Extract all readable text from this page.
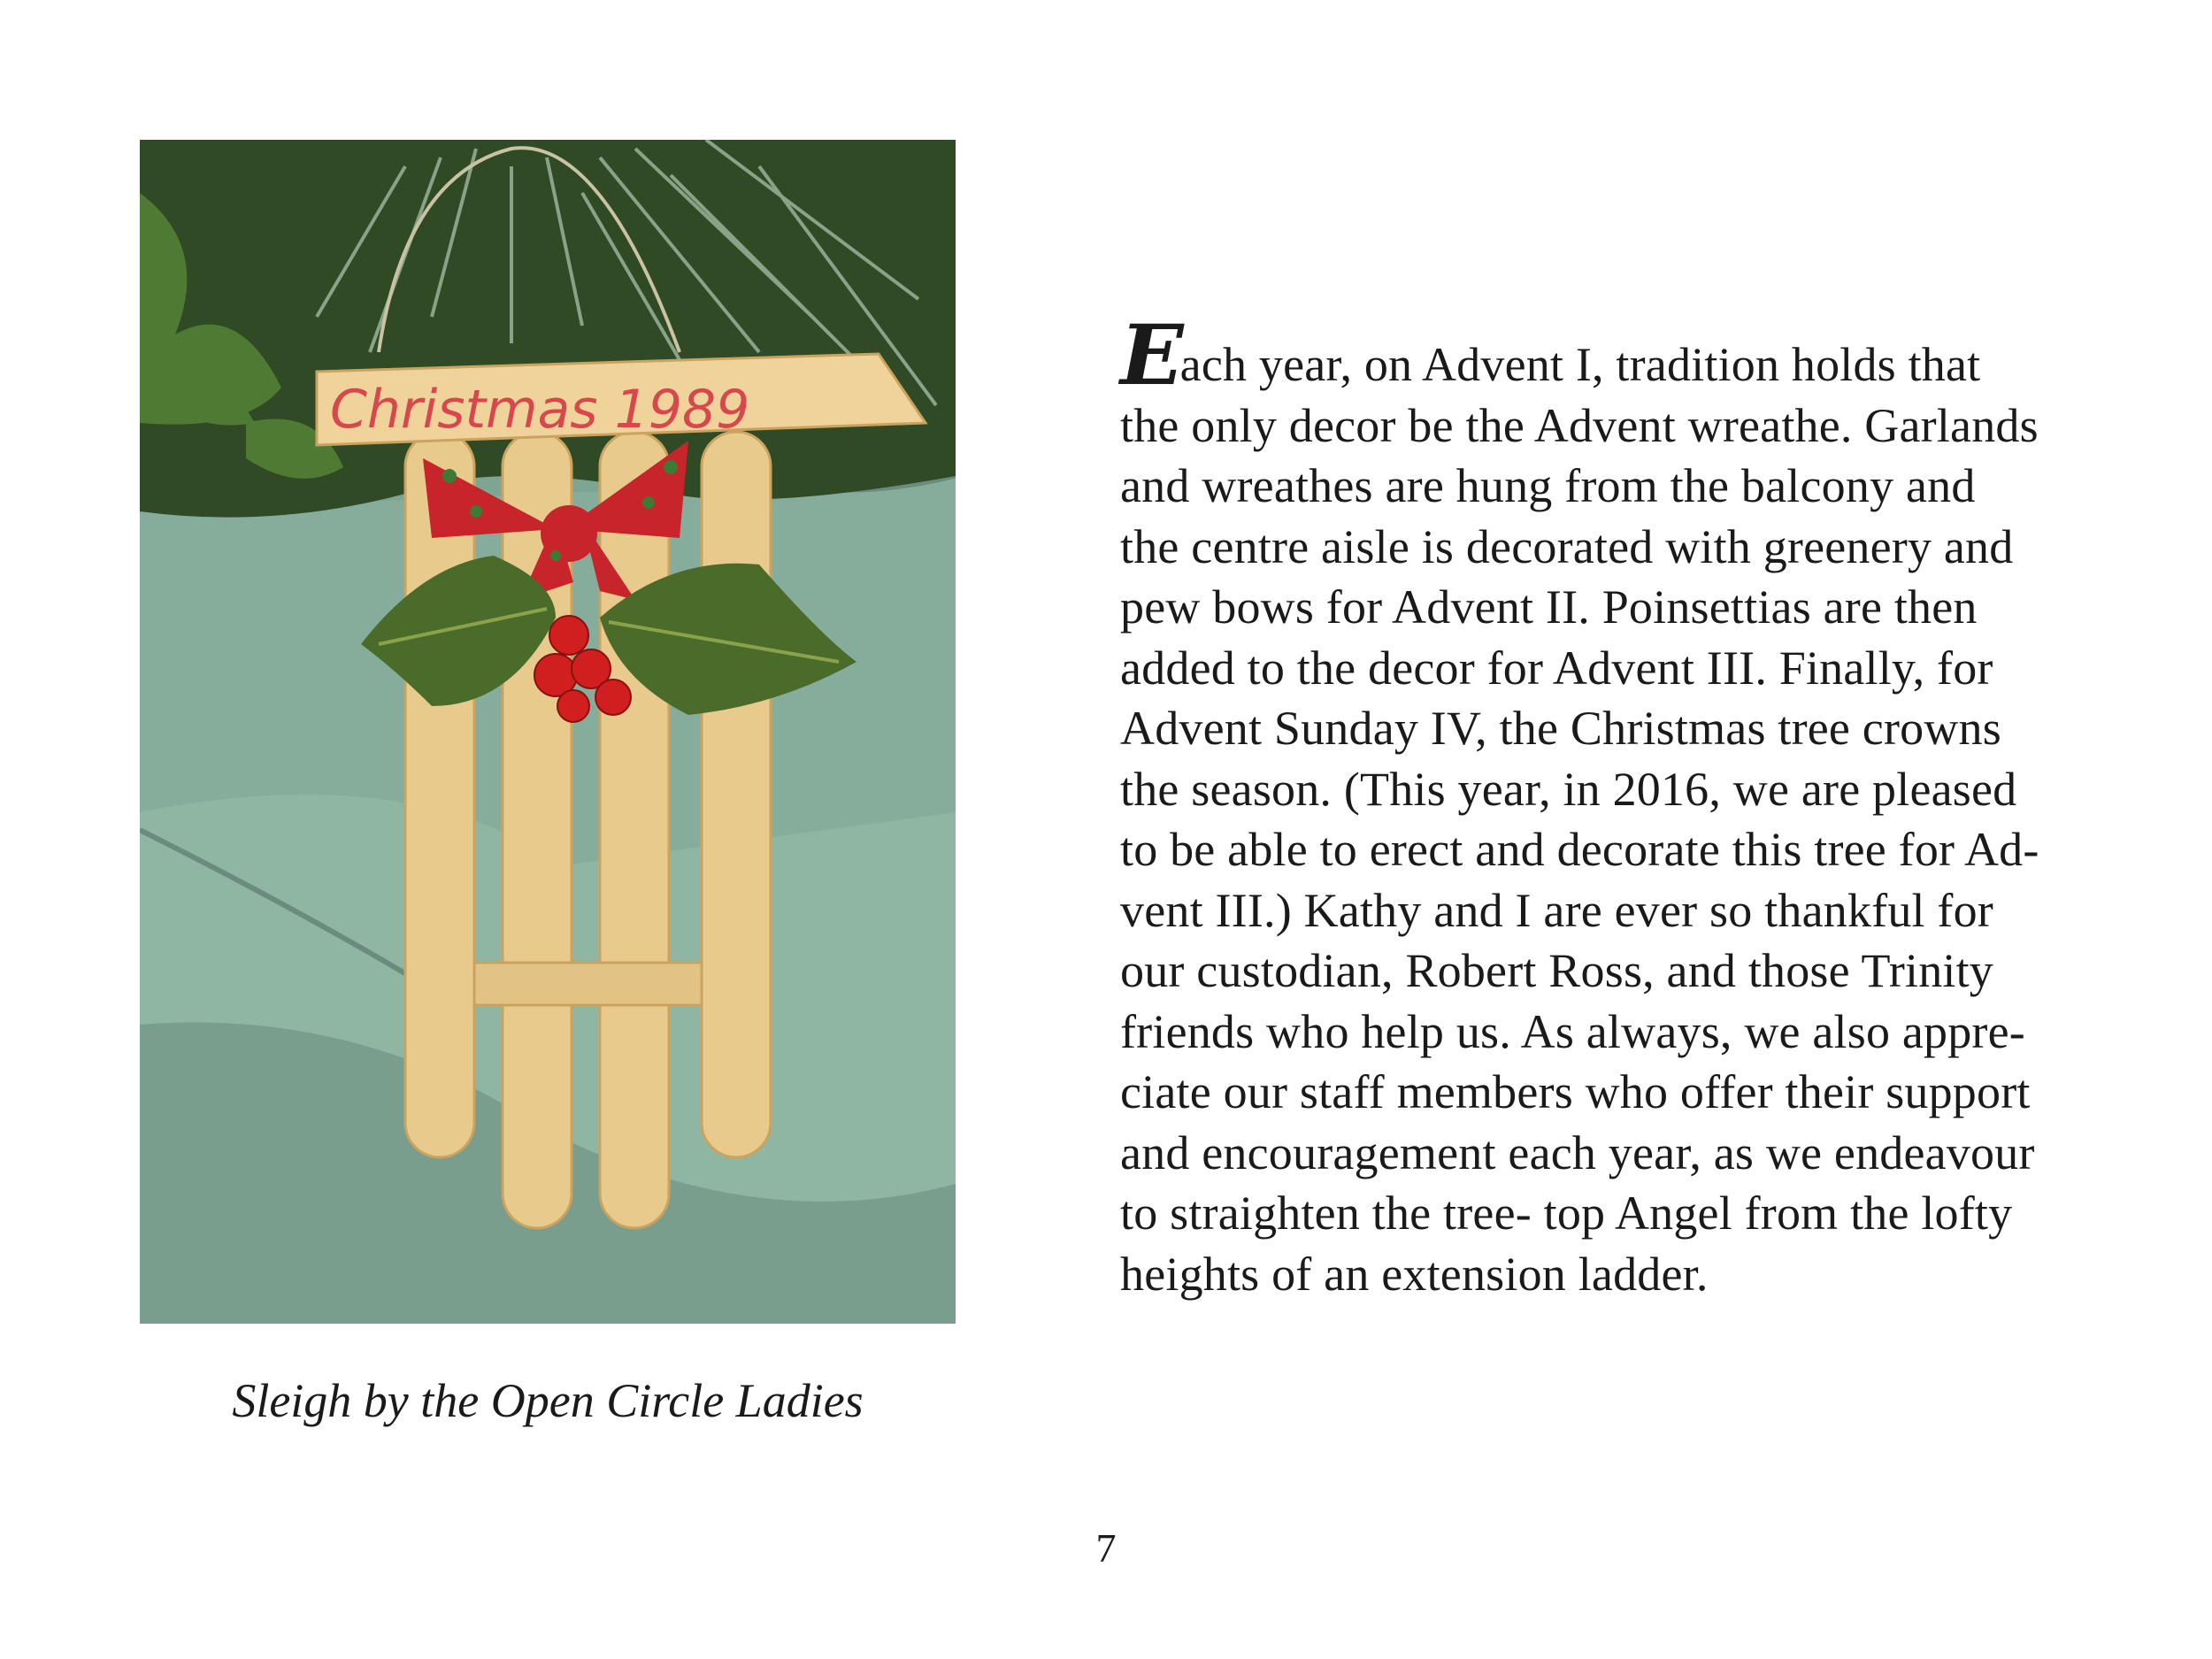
Christmas 1989
Sleigh by the Open Circle Ladies
Each year, on Advent I, tradition holds that
the only decor be the Advent wreathe. Garlands
and wreathes are hung from the balcony and
the centre aisle is decorated with greenery and
pew bows for Advent II. Poinsettias are then
added to the decor for Advent III. Finally, for
Advent Sunday IV, the Christmas tree crowns
the season. (This year, in 2016, we are pleased
to be able to erect and decorate this tree for Ad-
vent III.) Kathy and I are ever so thankful for
our custodian, Robert Ross, and those Trinity
friends who help us. As always, we also appre-
ciate our staff members who offer their support
and encouragement each year, as we endeavour
to straighten the tree- top Angel from the lofty
heights of an extension ladder.
7
